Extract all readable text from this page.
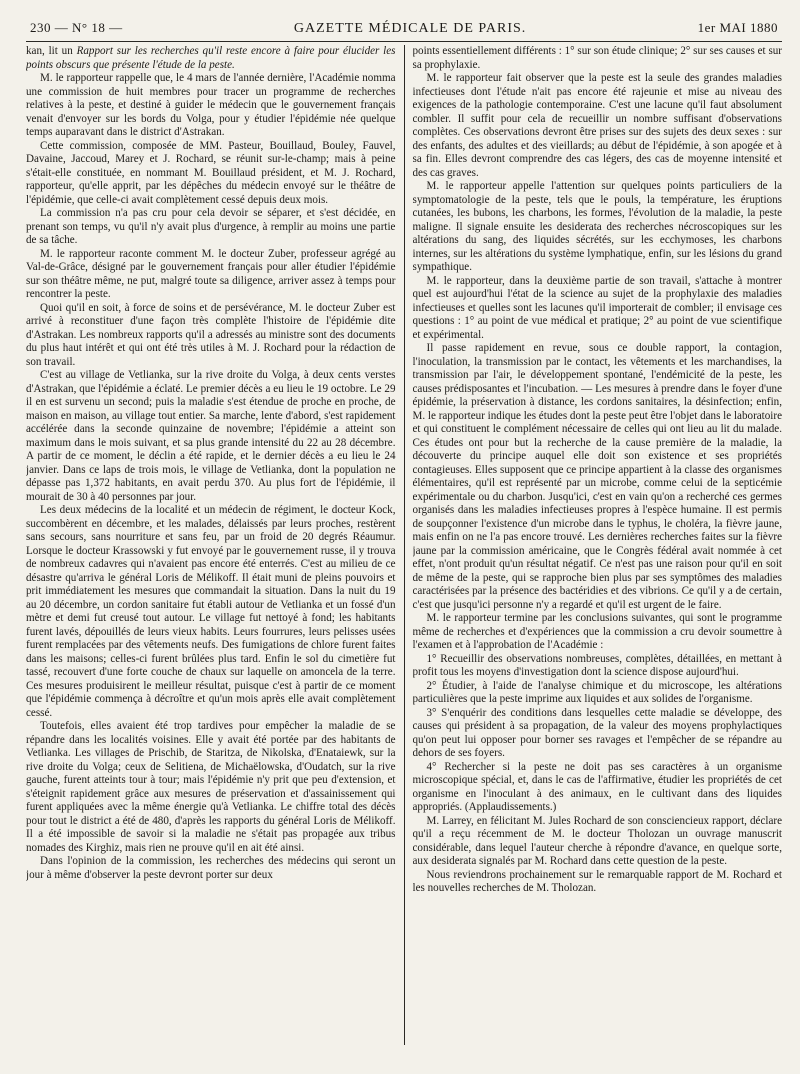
230 — N° 18 —	GAZETTE MÉDICALE DE PARIS.	1er MAI 1880

kan, lit un Rapport sur les recherches qu'il reste encore à faire pour élucider les points obscurs que présente l'étude de la peste.

M. le rapporteur rappelle que, le 4 mars de l'année dernière, l'Académie nomma une commission de huit membres pour tracer un programme de recherches relatives à la peste, et destiné à guider le médecin que le gouvernement français venait d'envoyer sur les bords du Volga, pour y étudier l'épidémie née quelque temps auparavant dans le district d'Astrakan.

Cette commission, composée de MM. Pasteur, Bouillaud, Bouley, Fauvel, Davaine, Jaccoud, Marey et J. Rochard, se réunit sur-le-champ; mais à peine s'était-elle constituée, en nommant M. Bouillaud président, et M. J. Rochard, rapporteur, qu'elle apprit, par les dépêches du médecin envoyé sur le théâtre de l'épidémie, que celle-ci avait complètement cessé depuis deux mois.

La commission n'a pas cru pour cela devoir se séparer, et s'est décidée, en prenant son temps, vu qu'il n'y avait plus d'urgence, à remplir au moins une partie de sa tâche.

M. le rapporteur raconte comment M. le docteur Zuber, professeur agrégé au Val-de-Grâce, désigné par le gouvernement français pour aller étudier l'épidémie sur son théâtre même, ne put, malgré toute sa diligence, arriver assez à temps pour rencontrer la peste.

Quoi qu'il en soit, à force de soins et de persévérance, M. le docteur Zuber est arrivé à reconstituer d'une façon très complète l'histoire de l'épidémie dite d'Astrakan. Les nombreux rapports qu'il a adressés au ministre sont des documents du plus haut intérêt et qui ont été très utiles à M. J. Rochard pour la rédaction de son travail.

C'est au village de Vetlianka, sur la rive droite du Volga, à deux cents verstes d'Astrakan, que l'épidémie a éclaté. Le premier décès a eu lieu le 19 octobre. Le 29 il en est survenu un second; puis la maladie s'est étendue de proche en proche, de maison en maison, au village tout entier. Sa marche, lente d'abord, s'est rapidement accélérée dans la seconde quinzaine de novembre; l'épidémie a atteint son maximum dans le mois suivant, et sa plus grande intensité du 22 au 28 décembre. A partir de ce moment, le déclin a été rapide, et le dernier décès a eu lieu le 24 janvier. Dans ce laps de trois mois, le village de Vetlianka, dont la population ne dépasse pas 1,372 habitants, en avait perdu 370. Au plus fort de l'épidémie, il mourait de 30 à 40 personnes par jour.

Les deux médecins de la localité et un médecin de régiment, le docteur Kock, succombèrent en décembre, et les malades, délaissés par leurs proches, restèrent sans secours, sans nourriture et sans feu, par un froid de 20 degrés Réaumur. Lorsque le docteur Krassowski y fut envoyé par le gouvernement russe, il y trouva de nombreux cadavres qui n'avaient pas encore été enterrés. C'est au milieu de ce désastre qu'arriva le général Loris de Mélikoff. Il était muni de pleins pouvoirs et prit immédiatement les mesures que commandait la situation. Dans la nuit du 19 au 20 décembre, un cordon sanitaire fut établi autour de Vetlianka et un fossé d'un mètre et demi fut creusé tout autour. Le village fut nettoyé à fond; les habitants furent lavés, dépouillés de leurs vieux habits. Leurs fourrures, leurs pelisses usées furent remplacées par des vêtements neufs. Des fumigations de chlore furent faites dans les maisons; celles-ci furent brûlées plus tard. Enfin le sol du cimetière fut tassé, recouvert d'une forte couche de chaux sur laquelle on amoncela de la terre. Ces mesures produisirent le meilleur résultat, puisque c'est à partir de ce moment que l'épidémie commença à décroître et qu'un mois après elle avait complètement cessé.

Toutefois, elles avaient été trop tardives pour empêcher la maladie de se répandre dans les localités voisines. Elle y avait été portée par des habitants de Vetlianka. Les villages de Prischib, de Staritza, de Nikolska, d'Enataiewk, sur la rive droite du Volga; ceux de Selitiena, de Michaëlowska, d'Oudatch, sur la rive gauche, furent atteints tour à tour; mais l'épidémie n'y prit que peu d'extension, et s'éteignit rapidement grâce aux mesures de préservation et d'assainissement qui furent appliquées avec la même énergie qu'à Vetlianka. Le chiffre total des décès pour tout le district a été de 480, d'après les rapports du général Loris de Mélikoff. Il a été impossible de savoir si la maladie ne s'était pas propagée aux tribus nomades des Kirghiz, mais rien ne prouve qu'il en ait été ainsi.

Dans l'opinion de la commission, les recherches des médecins qui seront un jour à même d'observer la peste devront porter sur deux

points essentiellement différents : 1° sur son étude clinique; 2° sur ses causes et sur sa prophylaxie.

M. le rapporteur fait observer que la peste est la seule des grandes maladies infectieuses dont l'étude n'ait pas encore été rajeunie et mise au niveau des exigences de la pathologie contemporaine. C'est une lacune qu'il faut absolument combler. Il suffit pour cela de recueillir un nombre suffisant d'observations complètes. Ces observations devront être prises sur des sujets des deux sexes : sur des enfants, des adultes et des vieillards; au début de l'épidémie, à son apogée et à sa fin. Elles devront comprendre des cas légers, des cas de moyenne intensité et des cas graves.

M. le rapporteur appelle l'attention sur quelques points particuliers de la symptomatologie de la peste, tels que le pouls, la température, les éruptions cutanées, les bubons, les charbons, les formes, l'évolution de la maladie, la peste maligne. Il signale ensuite les desiderata des recherches nécroscopiques sur les altérations du sang, des liquides sécrétés, sur les ecchymoses, les charbons internes, sur les altérations du système lymphatique, enfin, sur les lésions du grand sympathique.

M. le rapporteur, dans la deuxième partie de son travail, s'attache à montrer quel est aujourd'hui l'état de la science au sujet de la prophylaxie des maladies infectieuses et quelles sont les lacunes qu'il importerait de combler; il envisage ces questions : 1° au point de vue médical et pratique; 2° au point de vue scientifique et expérimental.

Il passe rapidement en revue, sous ce double rapport, la contagion, l'inoculation, la transmission par le contact, les vêtements et les marchandises, la transmission par l'air, le développement spontané, l'endémicité de la peste, les causes prédisposantes et l'incubation. — Les mesures à prendre dans le foyer d'une épidémie, la préservation à distance, les cordons sanitaires, la désinfection; enfin, M. le rapporteur indique les études dont la peste peut être l'objet dans le laboratoire et qui constituent le complément nécessaire de celles qui ont lieu au lit du malade. Ces études ont pour but la recherche de la cause première de la maladie, la découverte du principe auquel elle doit son existence et ses propriétés contagieuses. Elles supposent que ce principe appartient à la classe des organismes élémentaires, qu'il est représenté par un microbe, comme celui de la septicémie expérimentale ou du charbon. Jusqu'ici, c'est en vain qu'on a recherché ces germes organisés dans les maladies infectieuses propres à l'espèce humaine. Il est permis de soupçonner l'existence d'un microbe dans le typhus, le choléra, la fièvre jaune, mais enfin on ne l'a pas encore trouvé. Les dernières recherches faites sur la fièvre jaune par la commission américaine, que le Congrès fédéral avait nommée à cet effet, n'ont produit qu'un résultat négatif. Ce n'est pas une raison pour qu'il en soit de même de la peste, qui se rapproche bien plus par ses symptômes des maladies caractérisées par la présence des bactéridies et des vibrions. Ce qu'il y a de certain, c'est que jusqu'ici personne n'y a regardé et qu'il est urgent de le faire.

M. le rapporteur termine par les conclusions suivantes, qui sont le programme même de recherches et d'expériences que la commission a cru devoir soumettre à l'examen et à l'approbation de l'Académie :

1° Recueillir des observations nombreuses, complètes, détaillées, en mettant à profit tous les moyens d'investigation dont la science dispose aujourd'hui.

2° Étudier, à l'aide de l'analyse chimique et du microscope, les altérations particulières que la peste imprime aux liquides et aux solides de l'organisme.

3° S'enquérir des conditions dans lesquelles cette maladie se développe, des causes qui président à sa propagation, de la valeur des moyens prophylactiques qu'on peut lui opposer pour borner ses ravages et l'empêcher de se répandre au dehors de ses foyers.

4° Rechercher si la peste ne doit pas ses caractères à un organisme microscopique spécial, et, dans le cas de l'affirmative, étudier les propriétés de cet organisme en l'inoculant à des animaux, en le cultivant dans des liquides appropriés. (Applaudissements.)

M. Larrey, en félicitant M. Jules Rochard de son consciencieux rapport, déclare qu'il a reçu récemment de M. le docteur Tholozan un ouvrage manuscrit considérable, dans lequel l'auteur cherche à répondre d'avance, en quelque sorte, aux desiderata signalés par M. Rochard dans cette question de la peste.

Nous reviendrons prochainement sur le remarquable rapport de M. Rochard et les nouvelles recherches de M. Tholozan.
